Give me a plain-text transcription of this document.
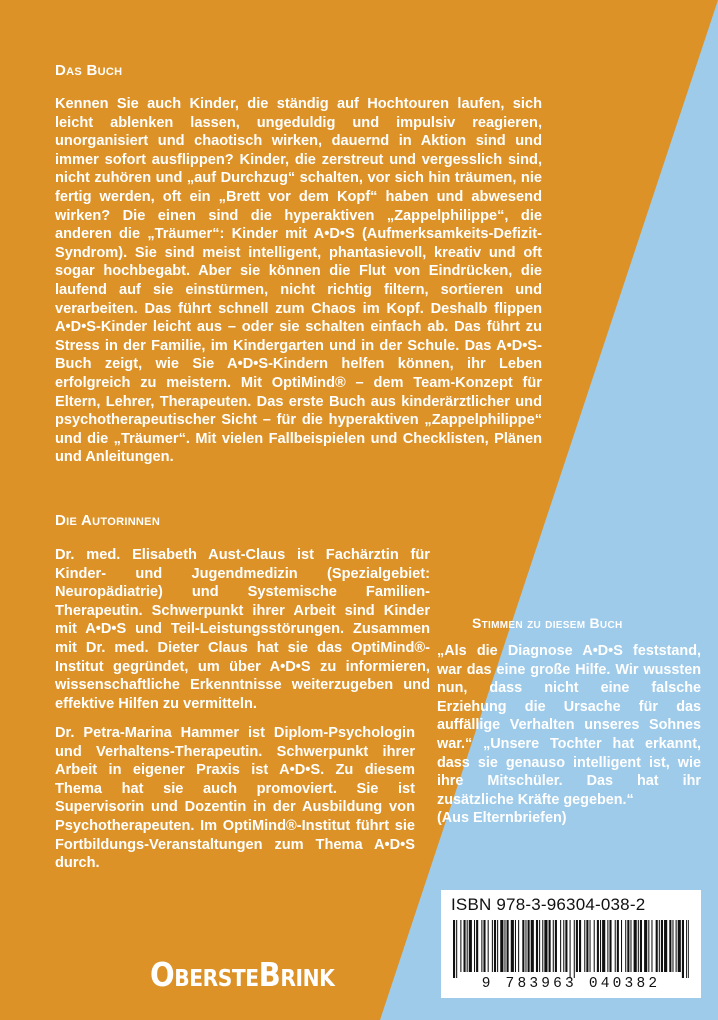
Das Buch

Kennen Sie auch Kinder, die ständig auf Hochtouren laufen, sich leicht ablenken lassen, ungeduldig und impulsiv reagieren, unorganisiert und chaotisch wirken, dauernd in Aktion sind und immer sofort ausflippen? Kinder, die zerstreut und vergesslich sind, nicht zuhören und „auf Durchzug“ schalten, vor sich hin träumen, nie fertig werden, oft ein „Brett vor dem Kopf“ haben und abwesend wirken? Die einen sind die hyperaktiven „Zappelphilippe“, die anderen die „Träumer“: Kinder mit A•D•S (Aufmerksamkeits-Defizit-Syndrom). Sie sind meist intelligent, phantasievoll, kreativ und oft sogar hochbegabt. Aber sie können die Flut von Eindrücken, die laufend auf sie einstürmen, nicht richtig filtern, sortieren und verarbeiten. Das führt schnell zum Chaos im Kopf. Deshalb flippen A•D•S-Kinder leicht aus – oder sie schalten einfach ab. Das führt zu Stress in der Familie, im Kindergarten und in der Schule. Das A•D•S-Buch zeigt, wie Sie A•D•S-Kindern helfen können, ihr Leben erfolgreich zu meistern. Mit OptiMind® – dem Team-Konzept für Eltern, Lehrer, Therapeuten. Das erste Buch aus kinderärztlicher und psychotherapeutischer Sicht – für die hyperaktiven „Zappelphilippe“ und die „Träumer“. Mit vielen Fallbeispielen und Checklisten, Plänen und Anleitungen.

Die Autorinnen

Dr. med. Elisabeth Aust-Claus ist Fachärztin für Kinder- und Jugendmedizin (Spezialgebiet: Neuropädiatrie) und Systemische Familien-Therapeutin. Schwerpunkt ihrer Arbeit sind Kinder mit A•D•S und Teil-Leistungsstörungen. Zusammen mit Dr. med. Dieter Claus hat sie das OptiMind®-Institut gegründet, um über A•D•S zu informieren, wissenschaftliche Erkenntnisse weiterzugeben und effektive Hilfen zu vermitteln.

Dr. Petra-Marina Hammer ist Diplom-Psychologin und Verhaltens-Therapeutin. Schwerpunkt ihrer Arbeit in eigener Praxis ist A•D•S. Zu diesem Thema hat sie auch promoviert. Sie ist Supervisorin und Dozentin in der Ausbildung von Psychotherapeuten. Im OptiMind®-Institut führt sie Fortbildungs-Veranstaltungen zum Thema A•D•S durch.

Stimmen zu diesem Buch

„Als die Diagnose A•D•S feststand, war das eine große Hilfe. Wir wussten nun, dass nicht eine falsche Erziehung die Ursache für das auffällige Verhalten unseres Sohnes war.“ „Unsere Tochter hat erkannt, dass sie genauso intelligent ist, wie ihre Mitschüler. Das hat ihr zusätzliche Kräfte gegeben.“
(Aus Elternbriefen)

ISBN 978-3-96304-038-2
9 783963 040382
ObersteBrink
